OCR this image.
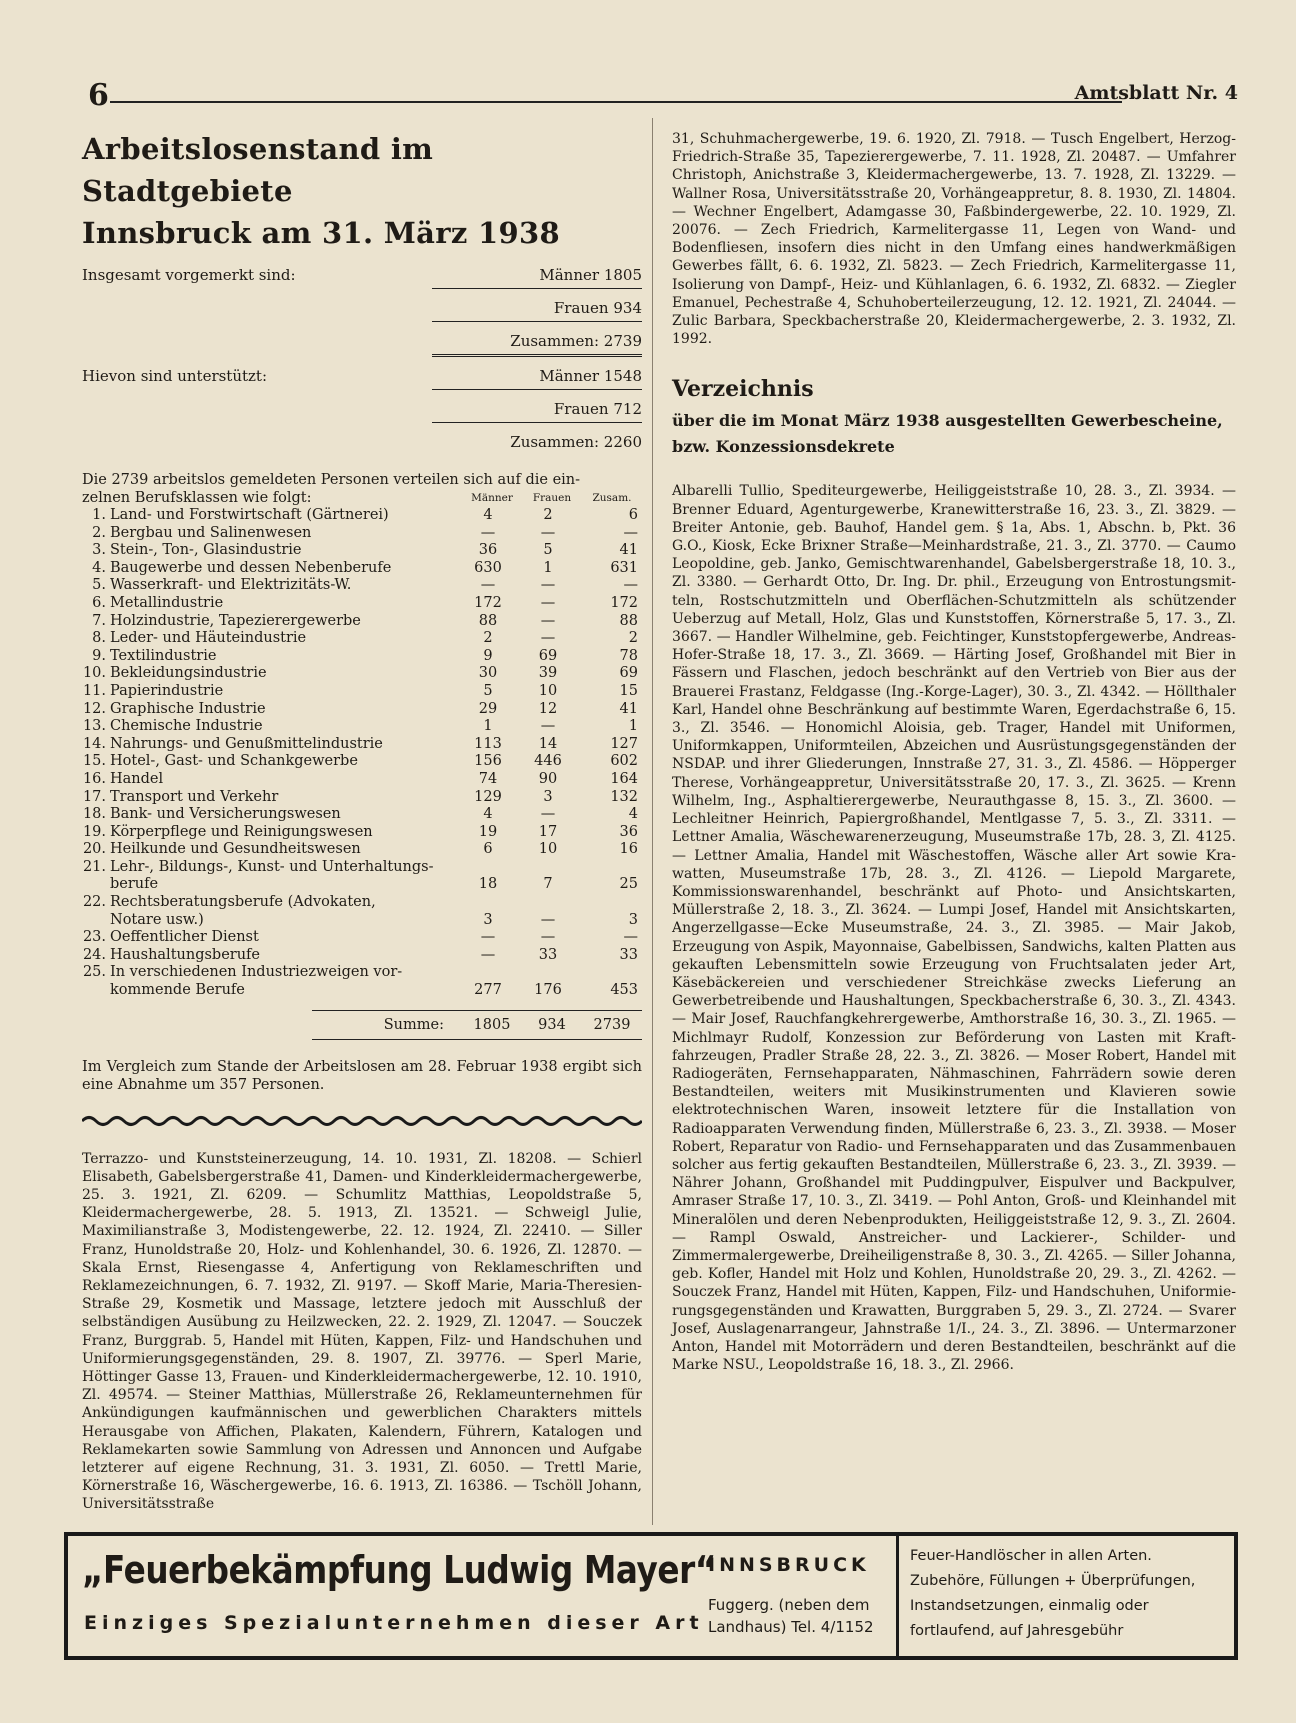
6	Amtsblatt Nr. 4
Arbeitslosenstand im Stadtgebiete
Innsbruck am 31. März 1938
Insgesamt vorgemerkt sind:	Männer 1805
Frauen 934
Zusammen: 2739
Hievon sind unterstützt:	Männer 1548
Frauen 712
Zusammen: 2260
Die 2739 arbeitslos gemeldeten Personen verteilen sich auf die ein-
zelnen Berufsklassen wie folgt:	Männer	Frauen	Zusam.
1.	Land- und Forstwirtschaft (Gärtnerei)	4	2	6
2.	Bergbau und Salinenwesen	—	—	—
3.	Stein-, Ton-, Glasindustrie	36	5	41
4.	Baugewerbe und dessen Nebenberufe	630	1	631
5.	Wasserkraft- und Elektrizitäts-W.	—	—	—
6.	Metallindustrie	172	—	172
7.	Holzindustrie, Tapezierergewerbe	88	—	88
8.	Leder- und Häuteindustrie	2	—	2
9.	Textilindustrie	9	69	78
10.	Bekleidungsindustrie	30	39	69
11.	Papierindustrie	5	10	15
12.	Graphische Industrie	29	12	41
13.	Chemische Industrie	1	—	1
14.	Nahrungs- und Genußmittelindustrie	113	14	127
15.	Hotel-, Gast- und Schankgewerbe	156	446	602
16.	Handel	74	90	164
17.	Transport und Verkehr	129	3	132
18.	Bank- und Versicherungswesen	4	—	4
19.	Körperpflege und Reinigungswesen	19	17	36
20.	Heilkunde und Gesundheitswesen	6	10	16
21.	Lehr-, Bildungs-, Kunst- und Unterhaltungs-			
	berufe	18	7	25
22.	Rechtsberatungsberufe (Advokaten,			
	Notare usw.)	3	—	3
23.	Oeffentlicher Dienst	—	—	—
24.	Haushaltungsberufe	—	33	33
25.	In verschiedenen Industriezweigen vor-			
	kommende Berufe	277	176	453
Summe:	1805	934	2739
Im Vergleich zum Stande der Arbeitslosen am 28. Februar 1938 ergibt sich eine Abnahme um 357 Personen.

Terrazzo- und Kunststeinerzeugung, 14. 10. 1931, Zl. 18208. — Schierl Elisabeth, Gabelsbergerstraße 41, Damen- und Kinderkleidermachergewerbe, 25. 3. 1921, Zl. 6209. — Schumlitz Matthias, Leopoldstraße 5, Kleidermachergewerbe, 28. 5. 1913, Zl. 13521. — Schweigl Julie, Maximilianstraße 3, Modistengewerbe, 22. 12. 1924, Zl. 22410. — Siller Franz, Hunoldstraße 20, Holz- und Kohlenhandel, 30. 6. 1926, Zl. 12870. — Skala Ernst, Riesengasse 4, Anfertigung von Reklameschriften und Reklamezeichnungen, 6. 7. 1932, Zl. 9197. — Skoff Marie, Maria-Theresien-Straße 29, Kosmetik und Massage, letztere jedoch mit Ausschluß der selbständigen Ausübung zu Heilzwecken, 22. 2. 1929, Zl. 12047. — Souczek Franz, Burggrab. 5, Handel mit Hüten, Kappen, Filz- und Handschuhen und Uniformierungsgegenständen, 29. 8. 1907, Zl. 39776. — Sperl Marie, Höttinger Gasse 13, Frauen- und Kinderkleidermachergewerbe, 12. 10. 1910, Zl. 49574. — Steiner Matthias, Müllerstraße 26, Reklameunternehmen für Ankündigungen kaufmännischen und gewerblichen Charakters mittels Herausgabe von Affichen, Plakaten, Kalendern, Führern, Katalogen und Reklamekarten sowie Sammlung von Adressen und Annoncen und Aufgabe letzterer auf eigene Rechnung, 31. 3. 1931, Zl. 6050. — Trettl Marie, Körnerstraße 16, Wäschergewerbe, 16. 6. 1913, Zl. 16386. — Tschöll Johann, Universitätsstraße

31, Schuhmachergewerbe, 19. 6. 1920, Zl. 7918. — Tusch Engelbert, Herzog-Friedrich-Straße 35, Tapezierergewerbe, 7. 11. 1928, Zl. 20487. — Umfahrer Christoph, Anichstraße 3, Kleidermachergewerbe, 13. 7. 1928, Zl. 13229. — Wallner Rosa, Universitätsstraße 20, Vorhängeappretur, 8. 8. 1930, Zl. 14804. — Wechner Engelbert, Adamgasse 30, Faßbindergewerbe, 22. 10. 1929, Zl. 20076. — Zech Friedrich, Karmelitergasse 11, Legen von Wand- und Bodenfliesen, insofern dies nicht in den Umfang eines handwerkmäßigen Gewerbes fällt, 6. 6. 1932, Zl. 5823. — Zech Friedrich, Karmelitergasse 11, Isolierung von Dampf-, Heiz- und Kühlanlagen, 6. 6. 1932, Zl. 6832. — Ziegler Emanuel, Pechestraße 4, Schuhoberteilerzeugung, 12. 12. 1921, Zl. 24044. — Zulic Barbara, Speckbacherstraße 20, Kleidermachergewerbe, 2. 3. 1932, Zl. 1992.

Verzeichnis
über die im Monat März 1938 ausgestellten Gewerbescheine, bzw. Konzessionsdekrete

Albarelli Tullio, Spediteurgewerbe, Heiliggeiststraße 10, 28. 3., Zl. 3934. — Brenner Eduard, Agenturgewerbe, Kranewitterstraße 16, 23. 3., Zl. 3829. — Breiter Antonie, geb. Bauhof, Handel gem. § 1a, Abs. 1, Abschn. b, Pkt. 36 G.O., Kiosk, Ecke Brixner Straße—Meinhardstraße, 21. 3., Zl. 3770. — Caumo Leopoldine, geb. Janko, Gemischtwarenhandel, Gabelsbergerstraße 18, 10. 3., Zl. 3380. — Gerhardt Otto, Dr. Ing. Dr. phil., Erzeugung von Entrostungsmitteln, Rostschutzmitteln und Oberflächen-Schutzmitteln als schützender Ueberzug auf Metall, Holz, Glas und Kunststoffen, Körnerstraße 5, 17. 3., Zl. 3667. — Handler Wilhelmine, geb. Feichtinger, Kunststopfergewerbe, Andreas-Hofer-Straße 18, 17. 3., Zl. 3669. — Härting Josef, Großhandel mit Bier in Fässern und Flaschen, jedoch beschränkt auf den Vertrieb von Bier aus der Brauerei Frastanz, Feldgasse (Ing.-Korge-Lager), 30. 3., Zl. 4342. — Höllthaler Karl, Handel ohne Beschränkung auf bestimmte Waren, Egerdachstraße 6, 15. 3., Zl. 3546. — Honomichl Aloisia, geb. Trager, Handel mit Uniformen, Uniformkappen, Uniformteilen, Abzeichen und Ausrüstungsgegenständen der NSDAP. und ihrer Gliederungen, Innstraße 27, 31. 3., Zl. 4586. — Höpperger Therese, Vorhängeappretur, Universitätsstraße 20, 17. 3., Zl. 3625. — Krenn Wilhelm, Ing., Asphaltierergewerbe, Neurauthgasse 8, 15. 3., Zl. 3600. — Lechleitner Heinrich, Papiergroßhandel, Mentlgasse 7, 5. 3., Zl. 3311. — Lettner Amalia, Wäschewarenerzeugung, Museumstraße 17b, 28. 3, Zl. 4125. — Lettner Amalia, Handel mit Wäschestoffen, Wäsche aller Art sowie Krawatten, Museumstraße 17b, 28. 3., Zl. 4126. — Liepold Margarete, Kommissionswarenhandel, beschränkt auf Photo- und Ansichtskarten, Müllerstraße 2, 18. 3., Zl. 3624. — Lumpi Josef, Handel mit Ansichtskarten, Angerzellgasse—Ecke Museumstraße, 24. 3., Zl. 3985. — Mair Jakob, Erzeugung von Aspik, Mayonnaise, Gabelbissen, Sandwichs, kalten Platten aus gekauften Lebensmitteln sowie Erzeugung von Fruchtsalaten jeder Art, Käsebäckereien und verschiedener Streichkäse zwecks Lieferung an Gewerbetreibende und Haushaltungen, Speckbacherstraße 6, 30. 3., Zl. 4343. — Mair Josef, Rauchfangkehrergewerbe, Amthorstraße 16, 30. 3., Zl. 1965. — Michlmayr Rudolf, Konzession zur Beförderung von Lasten mit Kraftfahrzeugen, Pradler Straße 28, 22. 3., Zl. 3826. — Moser Robert, Handel mit Radiogeräten, Fernsehapparaten, Nähmaschinen, Fahrrädern sowie deren Bestandteilen, weiters mit Musikinstrumenten und Klavieren sowie elektrotechnischen Waren, insoweit letztere für die Installation von Radioapparaten Verwendung finden, Müllerstraße 6, 23. 3., Zl. 3938. — Moser Robert, Reparatur von Radio- und Fernsehapparaten und das Zusammenbauen solcher aus fertig gekauften Bestandteilen, Müllerstraße 6, 23. 3., Zl. 3939. — Nährer Johann, Großhandel mit Puddingpulver, Eispulver und Backpulver, Amraser Straße 17, 10. 3., Zl. 3419. — Pohl Anton, Groß- und Kleinhandel mit Mineralölen und deren Nebenprodukten, Heiliggeiststraße 12, 9. 3., Zl. 2604. — Rampl Oswald, Anstreicher- und Lackierer-, Schilder- und Zimmermalergewerbe, Dreiheiligenstraße 8, 30. 3., Zl. 4265. — Siller Johanna, geb. Kofler, Handel mit Holz und Kohlen, Hunoldstraße 20, 29. 3., Zl. 4262. — Souczek Franz, Handel mit Hüten, Kappen, Filz- und Handschuhen, Uniformierungsgegenständen und Krawatten, Burggraben 5, 29. 3., Zl. 2724. — Svarer Josef, Auslagenarrangeur, Jahnstraße 1/I., 24. 3., Zl. 3896. — Untermarzoner Anton, Handel mit Motorrädern und deren Bestandteilen, beschränkt auf die Marke NSU., Leopoldstraße 16, 18. 3., Zl. 2966.

„Feuerbekämpfung Ludwig Mayer“
Einziges Spezialunternehmen dieser Art
INNSBRUCK
Fuggerg. (neben dem Landhaus) Tel. 4/1152
Feuer-Handlöscher in allen Arten. Zubehöre, Füllungen + Überprüfungen, Instandsetzungen, einmalig oder fortlaufend, auf Jahresgebühr
